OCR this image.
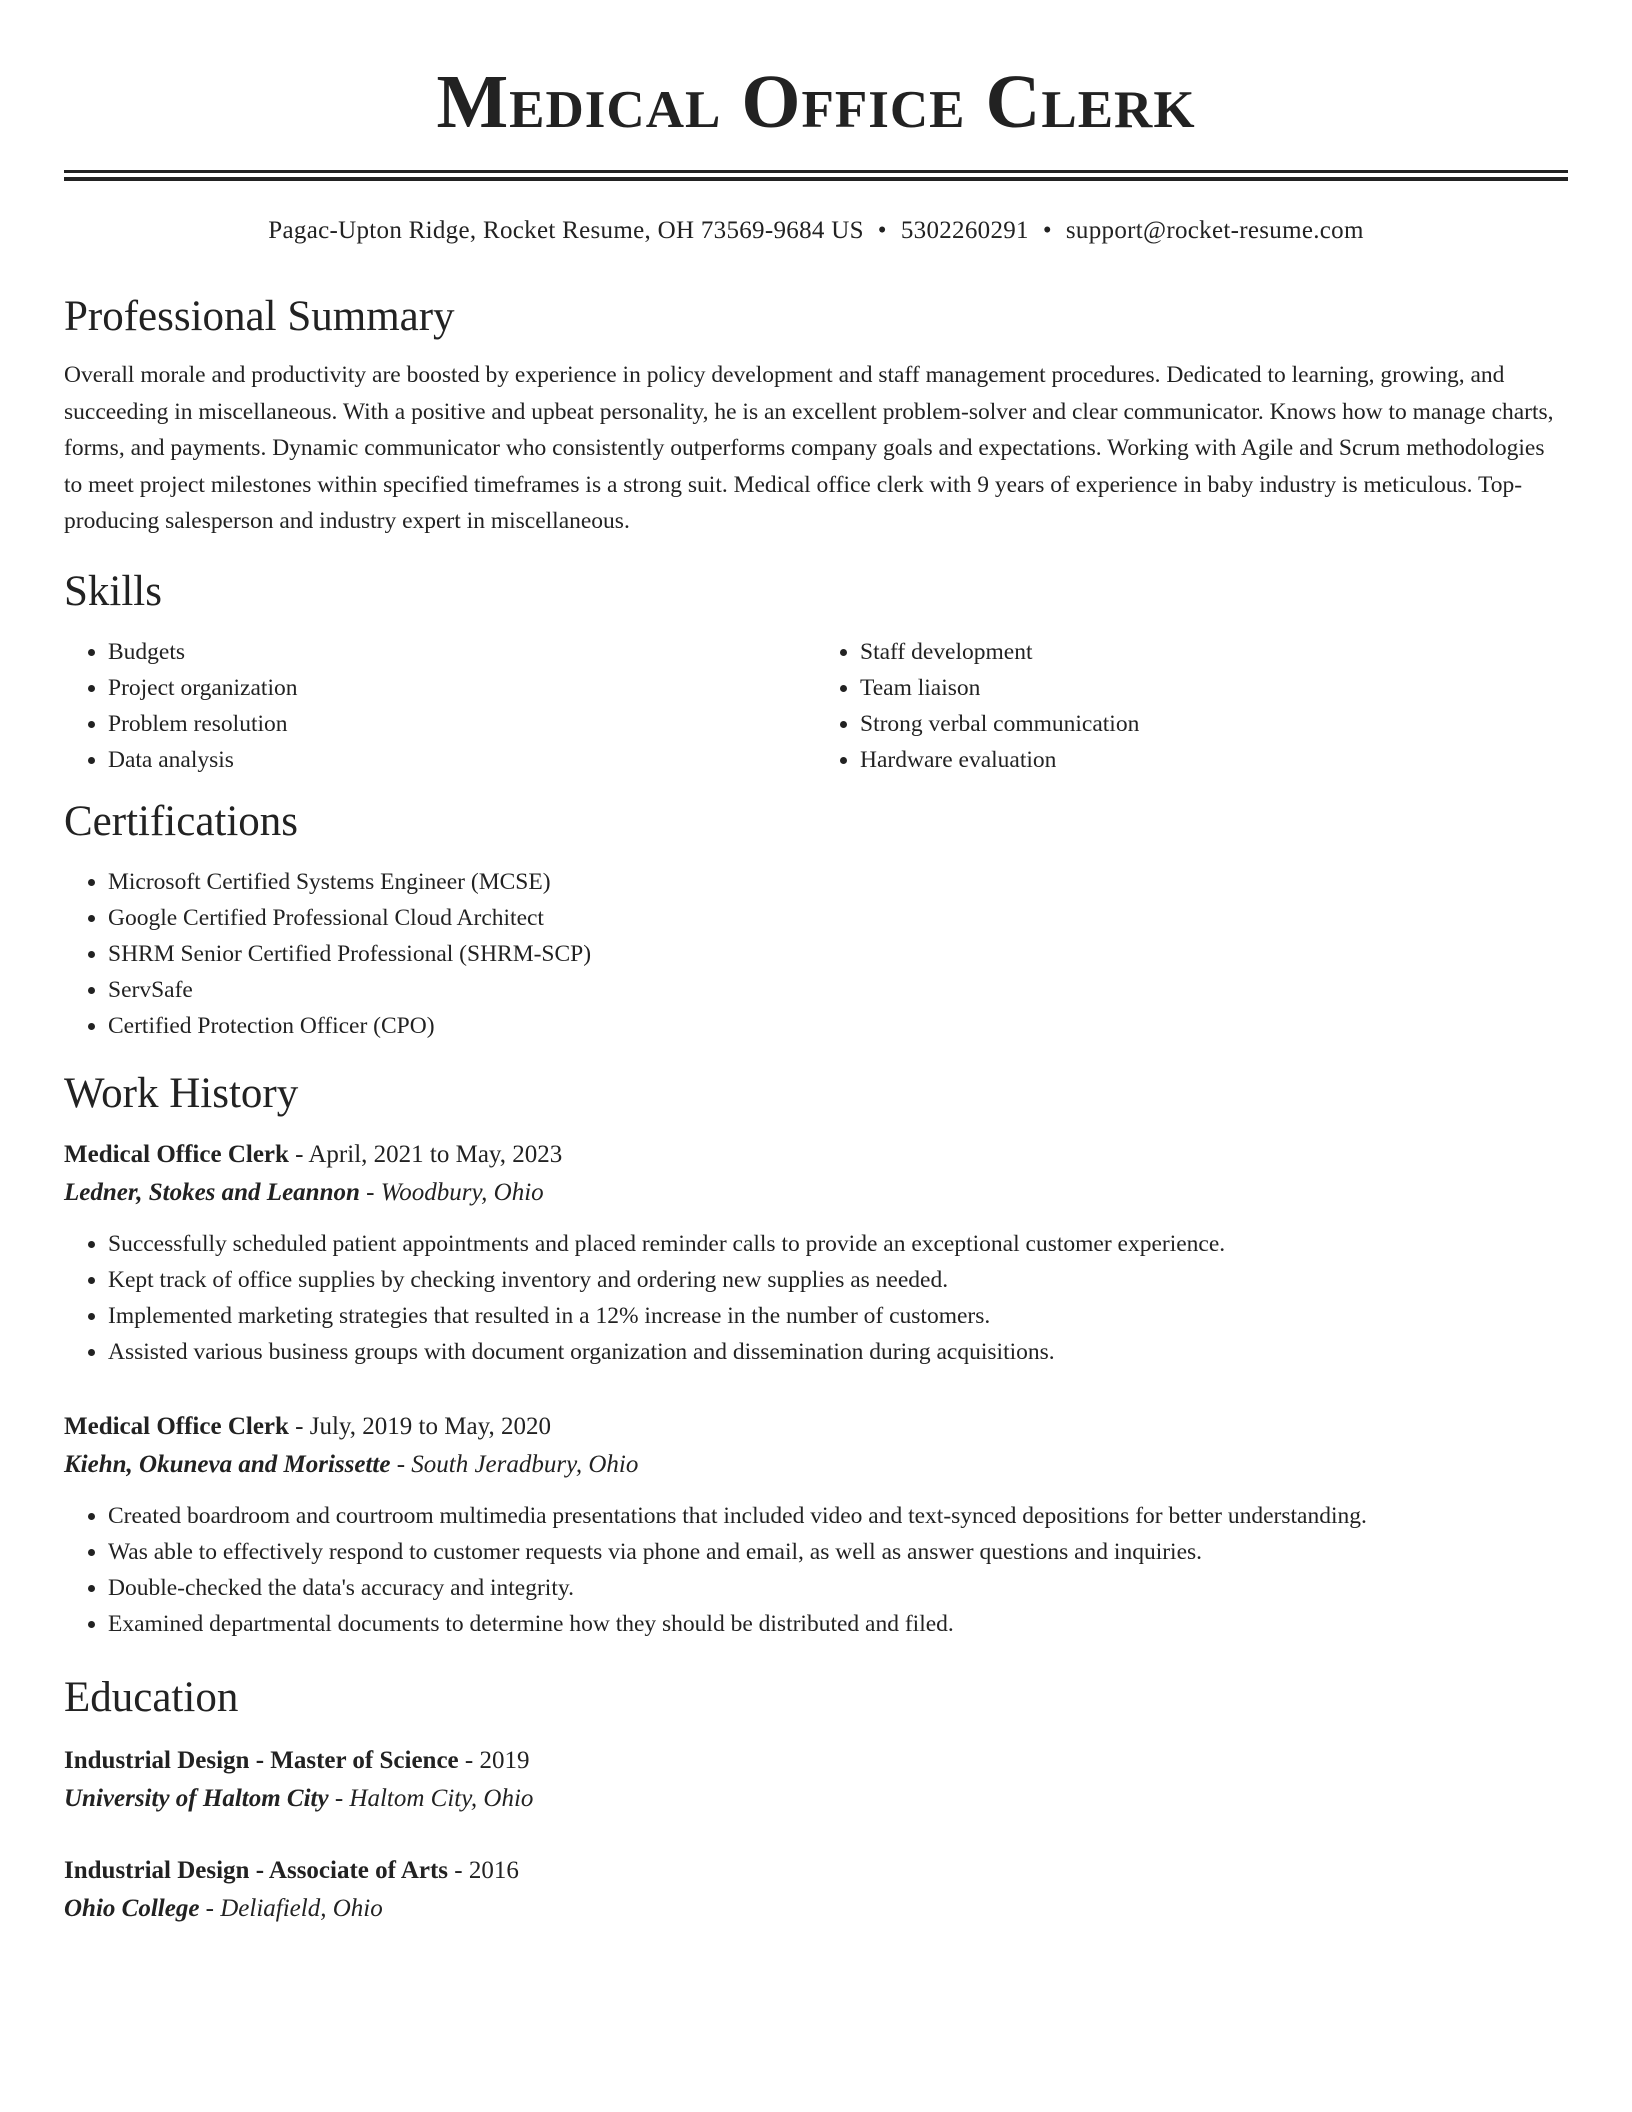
Medical Office Clerk
Pagac-Upton Ridge, Rocket Resume, OH 73569-9684 US • 5302260291 • support@rocket-resume.com
Professional Summary

Overall morale and productivity are boosted by experience in policy development and staff management procedures. Dedicated to learning, growing, and succeeding in miscellaneous. With a positive and upbeat personality, he is an excellent problem-solver and clear communicator. Knows how to manage charts, forms, and payments. Dynamic communicator who consistently outperforms company goals and expectations. Working with Agile and Scrum methodologies to meet project milestones within specified timeframes is a strong suit. Medical office clerk with 9 years of experience in baby industry is meticulous. Top-producing salesperson and industry expert in miscellaneous.

Skills
• Budgets
• Project organization
• Problem resolution
• Data analysis
• Staff development
• Team liaison
• Strong verbal communication
• Hardware evaluation
Certifications
• Microsoft Certified Systems Engineer (MCSE)
• Google Certified Professional Cloud Architect
• SHRM Senior Certified Professional (SHRM-SCP)
• ServSafe
• Certified Protection Officer (CPO)
Work History
Medical Office Clerk - April, 2021 to May, 2023
Ledner, Stokes and Leannon - Woodbury, Ohio
• Successfully scheduled patient appointments and placed reminder calls to provide an exceptional customer experience.
• Kept track of office supplies by checking inventory and ordering new supplies as needed.
• Implemented marketing strategies that resulted in a 12% increase in the number of customers.
• Assisted various business groups with document organization and dissemination during acquisitions.
Medical Office Clerk - July, 2019 to May, 2020
Kiehn, Okuneva and Morissette - South Jeradbury, Ohio
• Created boardroom and courtroom multimedia presentations that included video and text-synced depositions for better understanding.
• Was able to effectively respond to customer requests via phone and email, as well as answer questions and inquiries.
• Double-checked the data's accuracy and integrity.
• Examined departmental documents to determine how they should be distributed and filed.
Education
Industrial Design - Master of Science - 2019
University of Haltom City - Haltom City, Ohio
Industrial Design - Associate of Arts - 2016
Ohio College - Deliafield, Ohio
